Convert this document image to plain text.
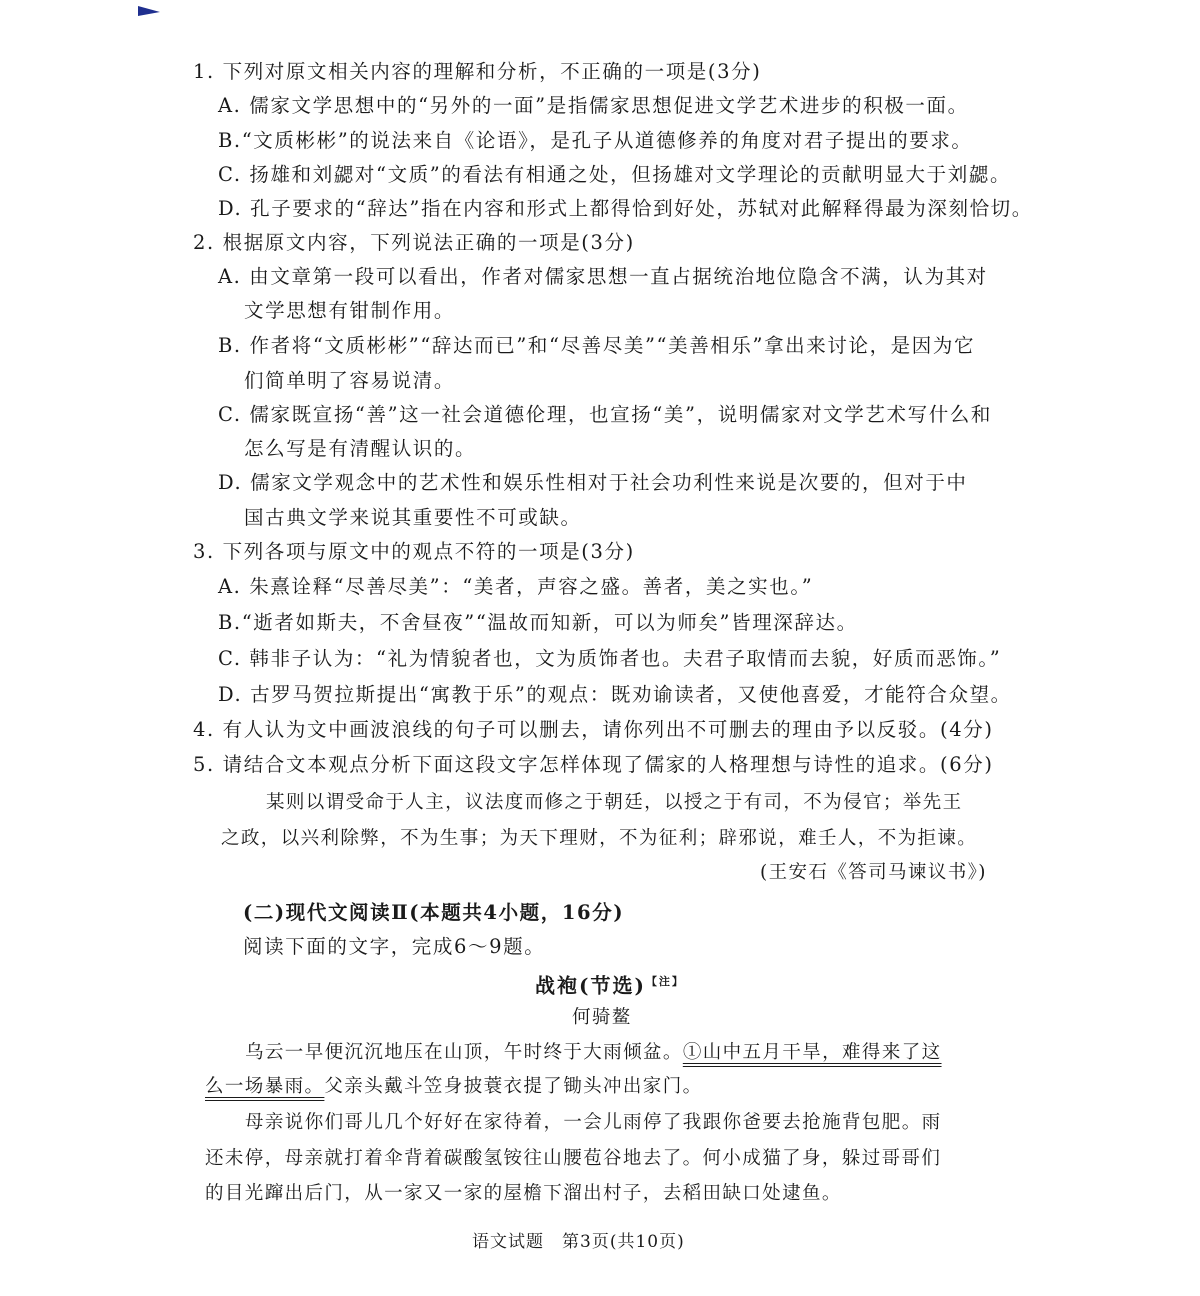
1. 下列对原文相关内容的理解和分析，不正确的一项是(3分)
A. 儒家文学思想中的“另外的一面”是指儒家思想促进文学艺术进步的积极一面。
B.“文质彬彬”的说法来自《论语》，是孔子从道德修养的角度对君子提出的要求。
C. 扬雄和刘勰对“文质”的看法有相通之处，但扬雄对文学理论的贡献明显大于刘勰。
D. 孔子要求的“辞达”指在内容和形式上都得恰到好处，苏轼对此解释得最为深刻恰切。
2. 根据原文内容，下列说法正确的一项是(3分)
A. 由文章第一段可以看出，作者对儒家思想一直占据统治地位隐含不满，认为其对
文学思想有钳制作用。
B. 作者将“文质彬彬”“辞达而已”和“尽善尽美”“美善相乐”拿出来讨论，是因为它
们简单明了容易说清。
C. 儒家既宣扬“善”这一社会道德伦理，也宣扬“美”，说明儒家对文学艺术写什么和
怎么写是有清醒认识的。
D. 儒家文学观念中的艺术性和娱乐性相对于社会功利性来说是次要的，但对于中
国古典文学来说其重要性不可或缺。
3. 下列各项与原文中的观点不符的一项是(3分)
A. 朱熹诠释“尽善尽美”：“美者，声容之盛。善者，美之实也。”
B.“逝者如斯夫，不舍昼夜”“温故而知新，可以为师矣”皆理深辞达。
C. 韩非子认为：“礼为情貌者也，文为质饰者也。夫君子取情而去貌，好质而恶饰。”
D. 古罗马贺拉斯提出“寓教于乐”的观点：既劝谕读者，又使他喜爱，才能符合众望。
4. 有人认为文中画波浪线的句子可以删去，请你列出不可删去的理由予以反驳。(4分)
5. 请结合文本观点分析下面这段文字怎样体现了儒家的人格理想与诗性的追求。(6分)
某则以谓受命于人主，议法度而修之于朝廷，以授之于有司，不为侵官；举先王
之政，以兴利除弊，不为生事；为天下理财，不为征利；辟邪说，难壬人，不为拒谏。
(王安石《答司马谏议书》)
(二)现代文阅读Ⅱ(本题共4小题，16分)
阅读下面的文字，完成6～9题。
战袍(节选)$^{【注】}$
何骑鳌
乌云一早便沉沉地压在山顶，午时终于大雨倾盆。①山中五月干旱，难得来了这
么一场暴雨。父亲头戴斗笠身披蓑衣提了锄头冲出家门。
母亲说你们哥儿几个好好在家待着，一会儿雨停了我跟你爸要去抢施背包肥。雨
还未停，母亲就打着伞背着碳酸氢铵往山腰苞谷地去了。何小成猫了身，躲过哥哥们
的目光蹿出后门，从一家又一家的屋檐下溜出村子，去稻田缺口处逮鱼。
语文试题　第3页(共10页)
